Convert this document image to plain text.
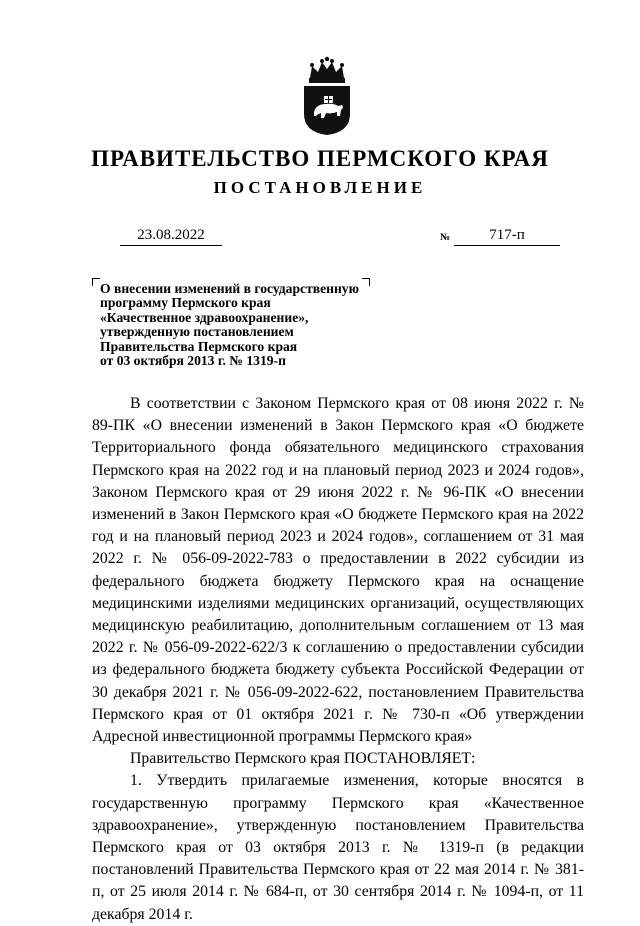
ПРАВИТЕЛЬСТВО ПЕРМСКОГО КРАЯ
ПОСТАНОВЛЕНИЕ
23.08.2022	№	717-п
О внесении изменений в государственную
программу Пермского края
«Качественное здравоохранение»,
утвержденную постановлением
Правительства Пермского края
от 03 октября 2013 г. № 1319-п

В соответствии с Законом Пермского края от 08 июня 2022 г. № 89-ПК «О внесении изменений в Закон Пермского края «О бюджете Территориального фонда обязательного медицинского страхования Пермского края на 2022 год и на плановый период 2023 и 2024 годов», Законом Пермского края от 29 июня 2022 г. № 96-ПК «О внесении изменений в Закон Пермского края «О бюджете Пермского края на 2022 год и на плановый период 2023 и 2024 годов», соглашением от 31 мая 2022 г. № 056-09-2022-783 о предоставлении в 2022 субсидии из федерального бюджета бюджету Пермского края на оснащение медицинскими изделиями медицинских организаций, осуществляющих медицинскую реабилитацию, дополнительным соглашением от 13 мая 2022 г. № 056-09-2022-622/3 к соглашению о предоставлении субсидии из федерального бюджета бюджету субъекта Российской Федерации от 30 декабря 2021 г. № 056-09-2022-622, постановлением Правительства Пермского края от 01 октября 2021 г. № 730-п «Об утверждении Адресной инвестиционной программы Пермского края»

Правительство Пермского края ПОСТАНОВЛЯЕТ:

1. Утвердить прилагаемые изменения, которые вносятся в государственную программу Пермского края «Качественное здравоохранение», утвержденную постановлением Правительства Пермского края от 03 октября 2013 г. № 1319-п (в редакции постановлений Правительства Пермского края от 22 мая 2014 г. № 381-п, от 25 июля 2014 г. № 684-п, от 30 сентября 2014 г. № 1094-п, от 11 декабря 2014 г.
